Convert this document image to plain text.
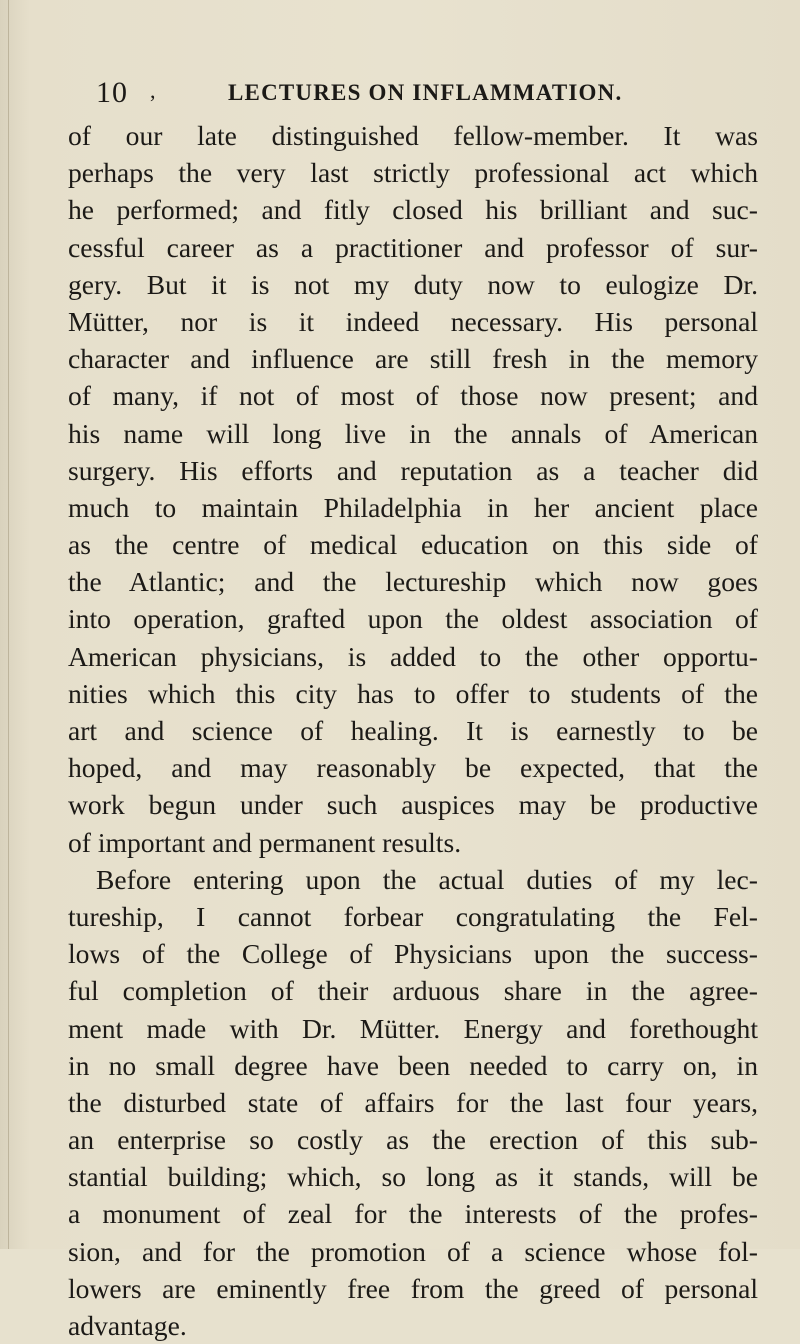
10 ,	LECTURES ON INFLAMMATION.
of our late distinguished fellow-member. It was
perhaps the very last strictly professional act which
he performed; and fitly closed his brilliant and suc-
cessful career as a practitioner and professor of sur-
gery. But it is not my duty now to eulogize Dr.
Mütter, nor is it indeed necessary. His personal
character and influence are still fresh in the memory
of many, if not of most of those now present; and
his name will long live in the annals of American
surgery. His efforts and reputation as a teacher did
much to maintain Philadelphia in her ancient place
as the centre of medical education on this side of
the Atlantic; and the lectureship which now goes
into operation, grafted upon the oldest association of
American physicians, is added to the other opportu-
nities which this city has to offer to students of the
art and science of healing. It is earnestly to be
hoped, and may reasonably be expected, that the
work begun under such auspices may be productive
of important and permanent results.
Before entering upon the actual duties of my lec-
tureship, I cannot forbear congratulating the Fel-
lows of the College of Physicians upon the success-
ful completion of their arduous share in the agree-
ment made with Dr. Mütter. Energy and forethought
in no small degree have been needed to carry on, in
the disturbed state of affairs for the last four years,
an enterprise so costly as the erection of this sub-
stantial building; which, so long as it stands, will be
a monument of zeal for the interests of the profes-
sion, and for the promotion of a science whose fol-
lowers are eminently free from the greed of personal
advantage.
